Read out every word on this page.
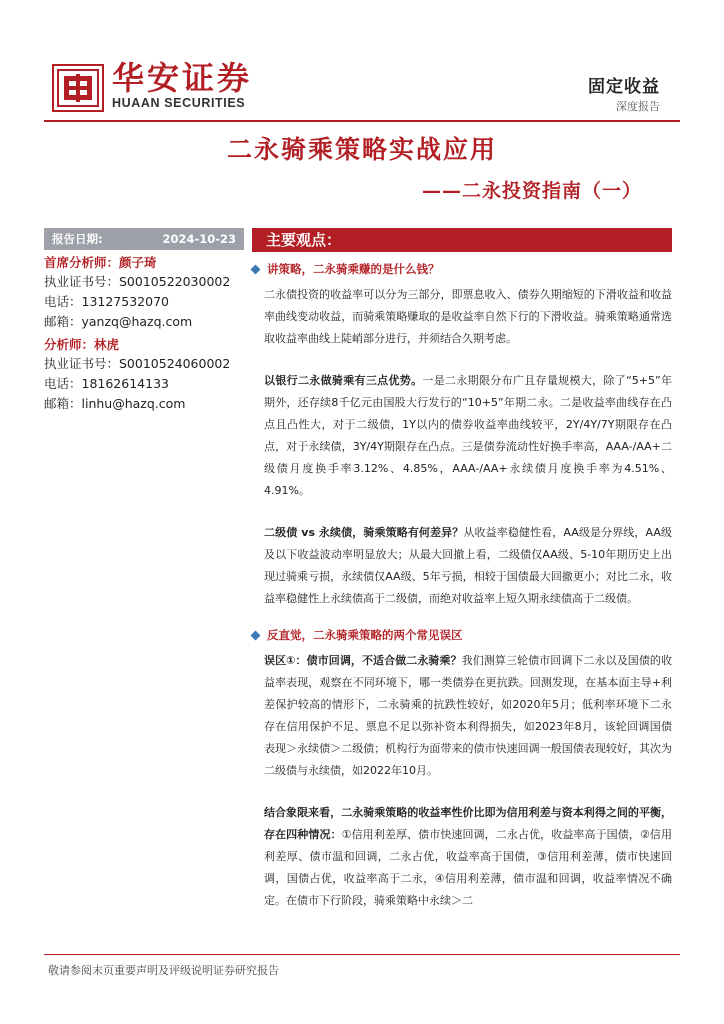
华安证券
HUAAN SECURITIES
固定收益
深度报告
二永骑乘策略实战应用
——二永投资指南（一）
报告日期:	2024-10-23
首席分析师：颜子琦
执业证书号：S0010522030002
电话：13127532070
邮箱：yanzq@hazq.com
分析师：林虎
执业证书号：S0010524060002
电话：18162614133
邮箱：linhu@hazq.com
主要观点：
讲策略，二永骑乘赚的是什么钱？
二永债投资的收益率可以分为三部分，即票息收入、债券久期缩短的下滑收益和收益率曲线变动收益，而骑乘策略赚取的是收益率自然下行的下滑收益。骑乘策略通常选取收益率曲线上陡峭部分进行，并须结合久期考虑。
以银行二永做骑乘有三点优势。一是二永期限分布广且存量规模大，除了“5+5”年期外，还存续8千亿元由国股大行发行的“10+5”年期二永。二是收益率曲线存在凸点且凸性大，对于二级债，1Y以内的债券收益率曲线较平，2Y/4Y/7Y期限存在凸点，对于永续债，3Y/4Y期限存在凸点。三是债券流动性好换手率高，AAA-/AA+二级债月度换手率3.12%、4.85%，AAA-/AA+永续债月度换手率为4.51%、4.91%。
二级债 vs 永续债，骑乘策略有何差异？从收益率稳健性看，AA级是分界线，AA级及以下收益波动率明显放大；从最大回撤上看，二级债仅AA级、5-10年期历史上出现过骑乘亏损，永续债仅AA级、5年亏损，相较于国债最大回撤更小；对比二永，收益率稳健性上永续债高于二级债，而绝对收益率上短久期永续债高于二级债。
反直觉，二永骑乘策略的两个常见误区
误区①：债市回调，不适合做二永骑乘？我们测算三轮债市回调下二永以及国债的收益率表现，观察在不同环境下，哪一类债券在更抗跌。回测发现，在基本面主导+利差保护较高的情形下，二永骑乘的抗跌性较好，如2020年5月；低利率环境下二永存在信用保护不足、票息不足以弥补资本利得损失，如2023年8月，该轮回调国债表现＞永续债＞二级债；机构行为面带来的债市快速回调一般国债表现较好，其次为二级债与永续债，如2022年10月。
结合象限来看，二永骑乘策略的收益率性价比即为信用利差与资本利得之间的平衡，存在四种情况：①信用利差厚、债市快速回调，二永占优，收益率高于国债，②信用利差厚、债市温和回调，二永占优，收益率高于国债，③信用利差薄，债市快速回调，国债占优，收益率高于二永，④信用利差薄，债市温和回调，收益率情况不确定。在债市下行阶段，骑乘策略中永续＞二
敬请参阅末页重要声明及评级说明证券研究报告
